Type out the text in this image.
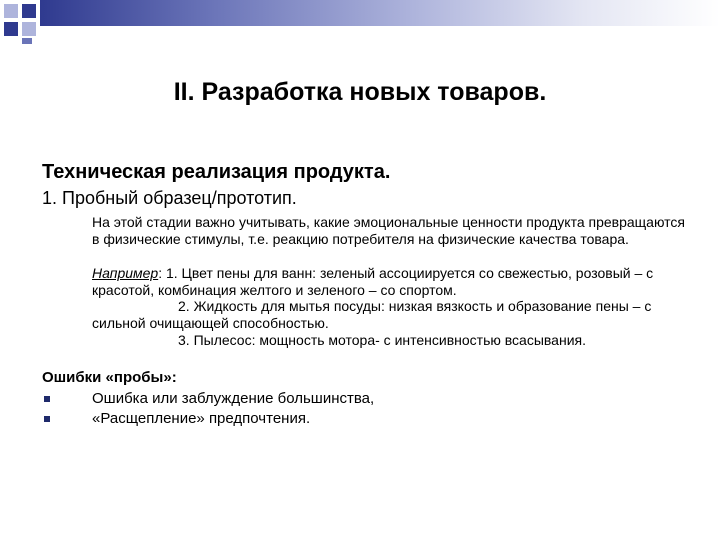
II. Разработка новых товаров.
Техническая реализация продукта.
1. Пробный образец/прототип.
На этой стадии важно учитывать, какие эмоциональные ценности продукта превращаются в физические стимулы, т.е. реакцию потребителя на физические качества товара.
Например: 1. Цвет пены для ванн: зеленый ассоциируется со свежестью, розовый – с красотой, комбинация желтого и зеленого – со спортом.
2. Жидкость для мытья посуды: низкая вязкость и образование пены – с сильной очищающей способностью.
3. Пылесос: мощность мотора- с интенсивностью всасывания.
Ошибки «пробы»:
Ошибка или заблуждение большинства,
«Расщепление» предпочтения.
